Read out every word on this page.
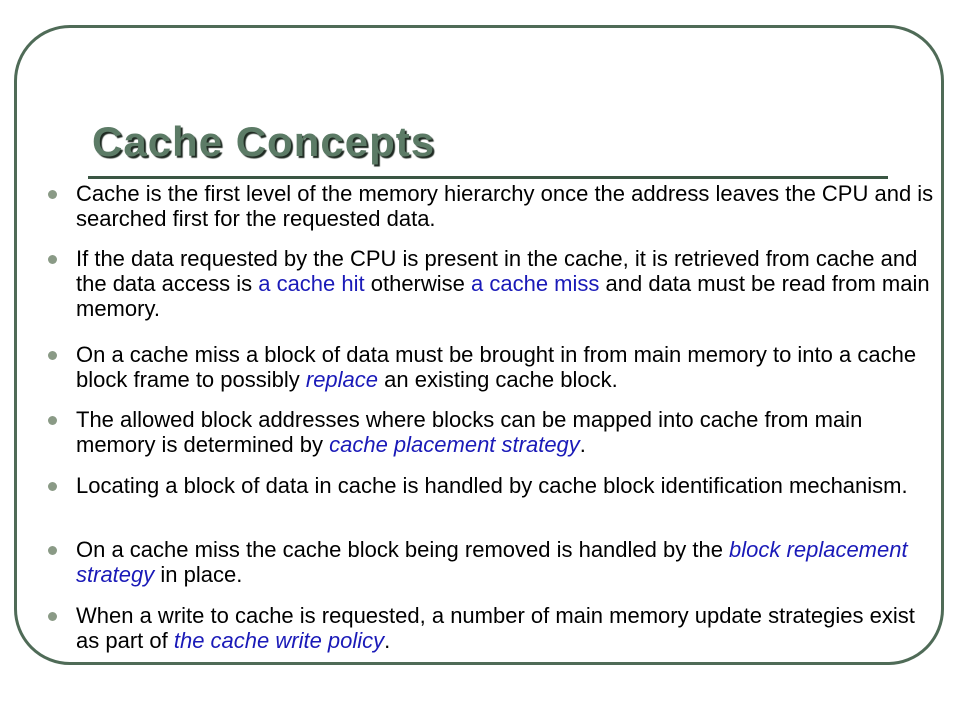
Cache Concepts
Cache is the first level of the memory hierarchy once the address leaves the CPU and is searched first for the requested data.
If the data requested by the CPU is present in the cache, it is retrieved from cache and the data access is a cache hit otherwise a cache miss and data must be read from main memory.
On a cache miss a block of data must be brought in from main memory to into a cache block frame to possibly replace an existing cache block.
The allowed block addresses where blocks can be mapped into cache from main memory is determined by cache placement strategy.
Locating a block of data in cache is handled by cache block identification mechanism.
On a cache miss the cache block being removed is handled by the block replacement strategy in place.
When a write to cache is requested, a number of main memory update strategies exist as part of the cache write policy.
